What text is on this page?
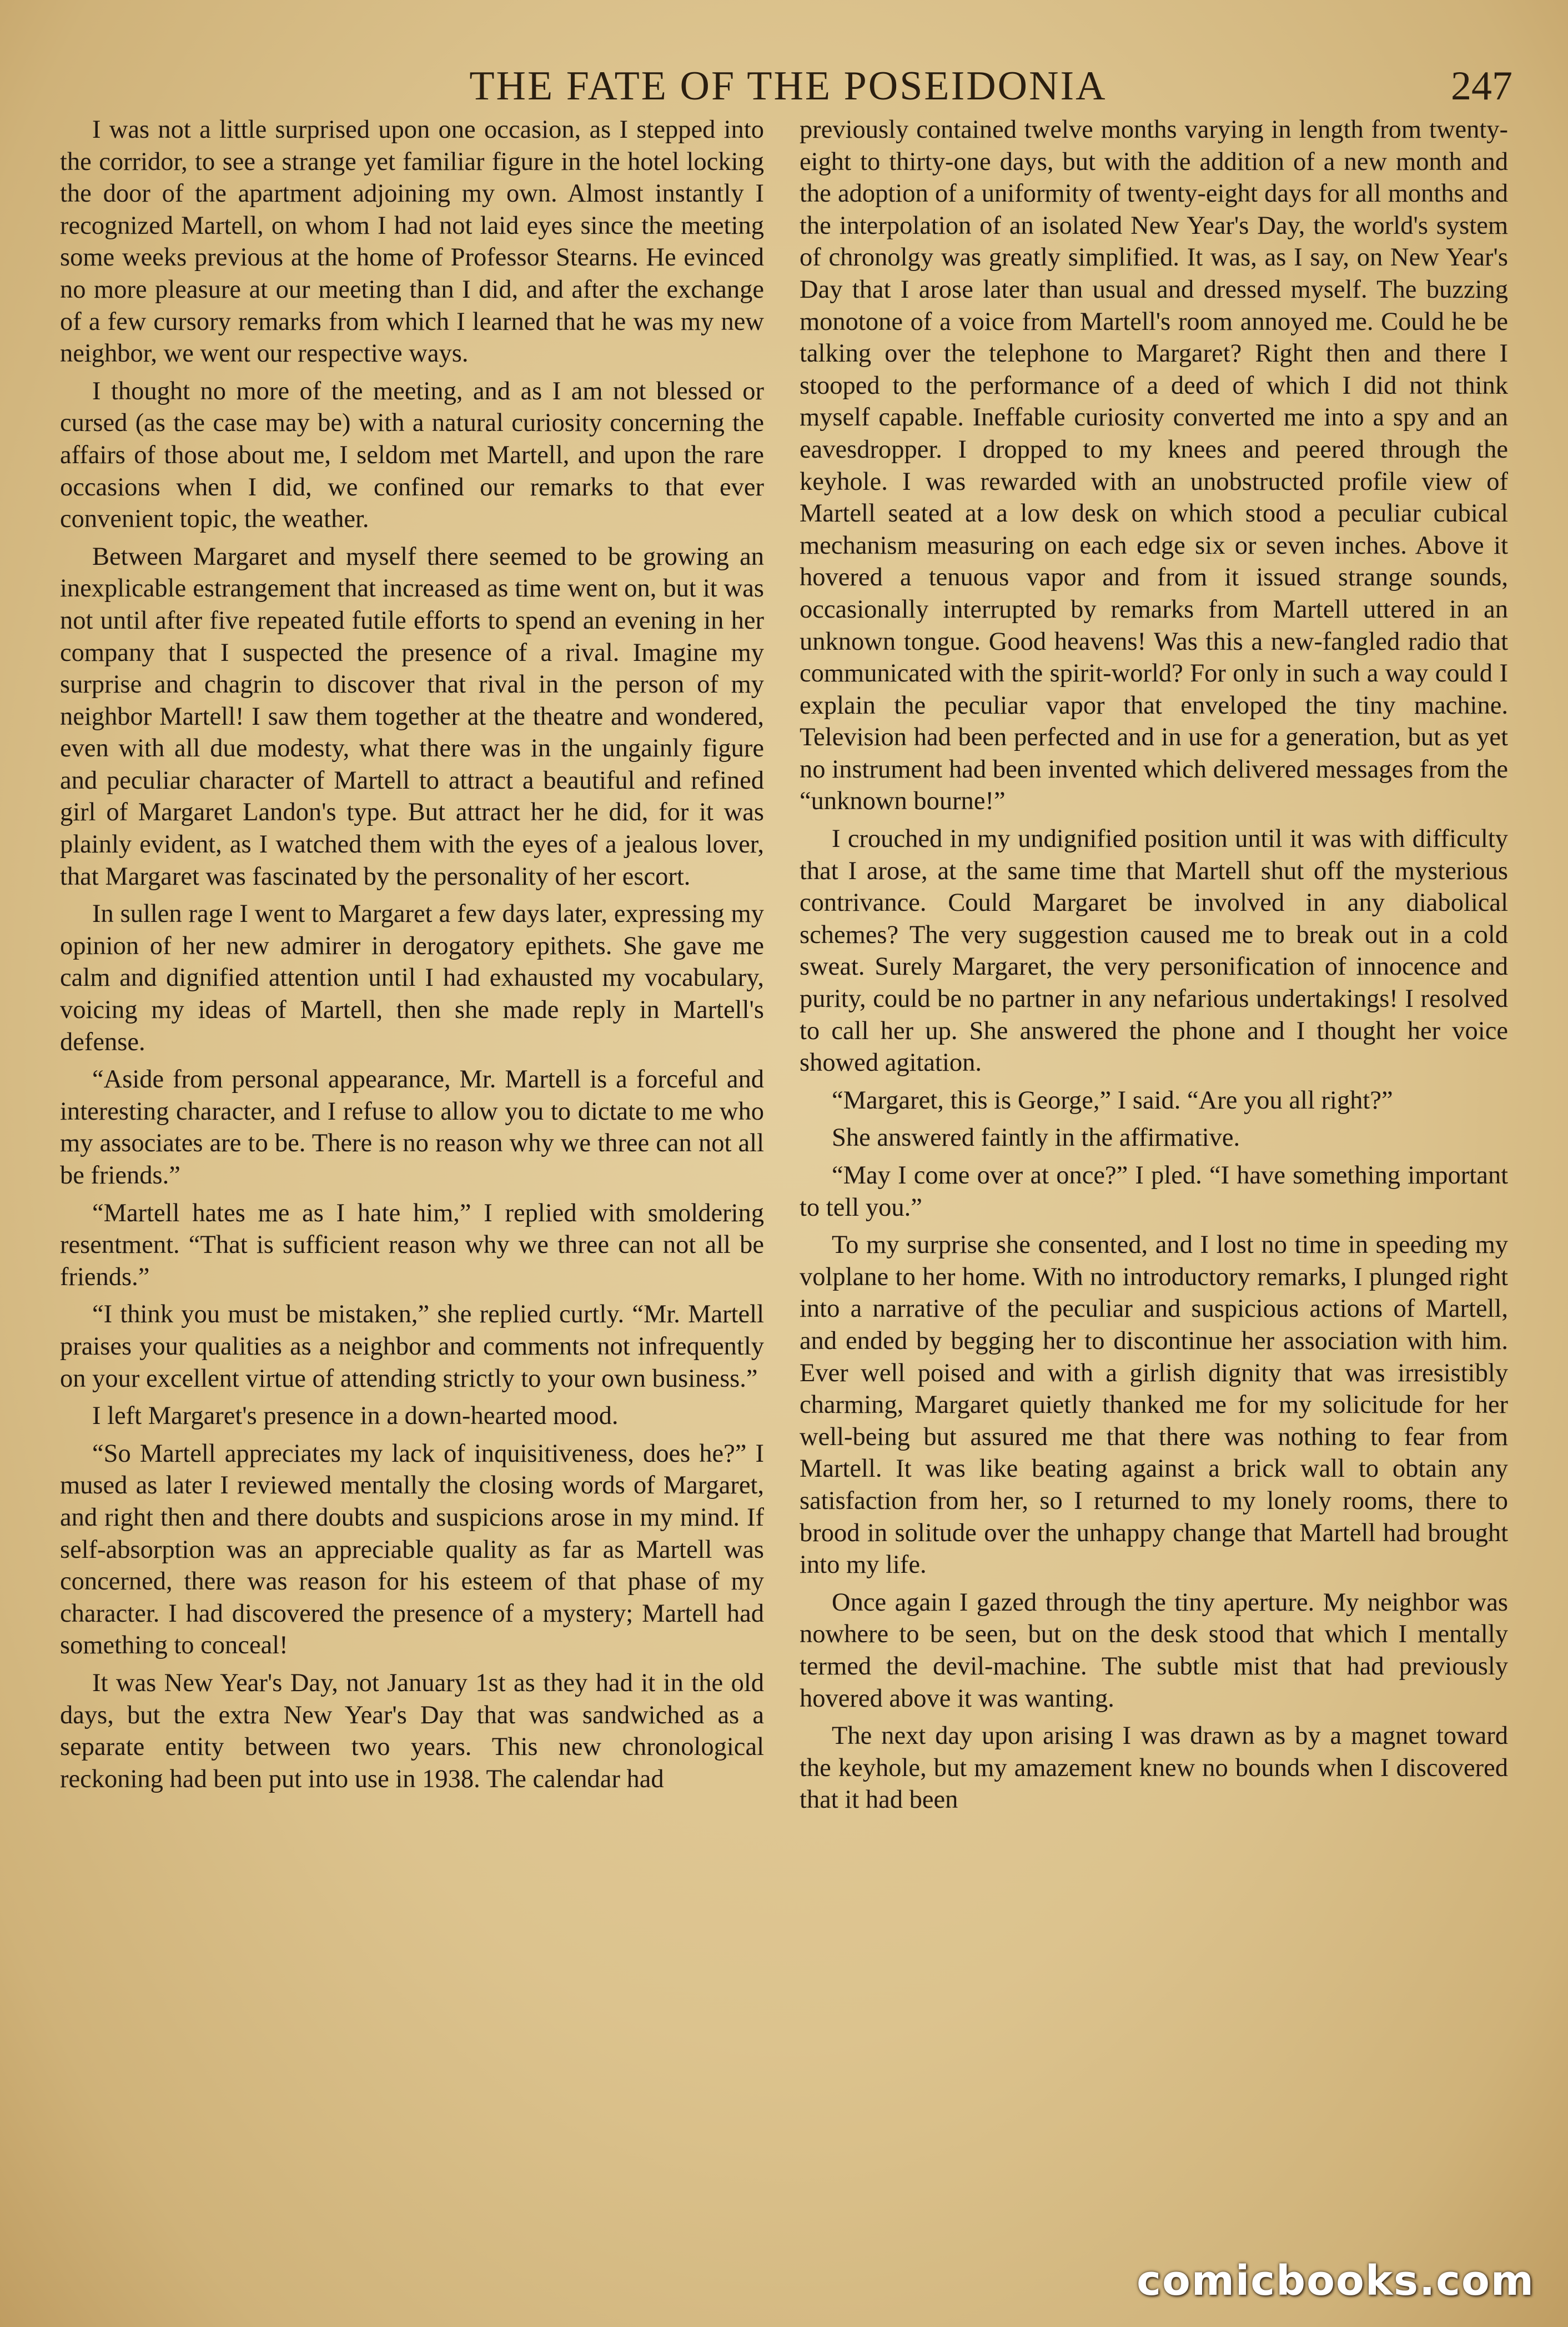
THE FATE OF THE POSEIDONIA	247

I was not a little surprised upon one occasion, as I stepped into the corridor, to see a strange yet familiar figure in the hotel locking the door of the apartment adjoining my own. Almost instantly I recognized Martell, on whom I had not laid eyes since the meeting some weeks previous at the home of Professor Stearns. He evinced no more pleasure at our meeting than I did, and after the exchange of a few cursory remarks from which I learned that he was my new neighbor, we went our respective ways.

I thought no more of the meeting, and as I am not blessed or cursed (as the case may be) with a natural curiosity concerning the affairs of those about me, I seldom met Martell, and upon the rare occasions when I did, we confined our remarks to that ever convenient topic, the weather.

Between Margaret and myself there seemed to be growing an inexplicable estrangement that increased as time went on, but it was not until after five repeated futile efforts to spend an evening in her company that I suspected the presence of a rival. Imagine my surprise and chagrin to discover that rival in the person of my neighbor Martell! I saw them together at the theatre and wondered, even with all due modesty, what there was in the ungainly figure and peculiar character of Martell to attract a beautiful and refined girl of Margaret Landon's type. But attract her he did, for it was plainly evident, as I watched them with the eyes of a jealous lover, that Margaret was fascinated by the personality of her escort.

In sullen rage I went to Margaret a few days later, expressing my opinion of her new admirer in derogatory epithets. She gave me calm and dignified attention until I had exhausted my vocabulary, voicing my ideas of Martell, then she made reply in Martell's defense.

“Aside from personal appearance, Mr. Martell is a forceful and interesting character, and I refuse to allow you to dictate to me who my associates are to be. There is no reason why we three can not all be friends.”

“Martell hates me as I hate him,” I replied with smoldering resentment. “That is sufficient reason why we three can not all be friends.”

“I think you must be mistaken,” she replied curtly. “Mr. Martell praises your qualities as a neighbor and comments not infrequently on your excellent virtue of attending strictly to your own business.”

I left Margaret's presence in a down-hearted mood.

“So Martell appreciates my lack of inquisitiveness, does he?” I mused as later I reviewed mentally the closing words of Margaret, and right then and there doubts and suspicions arose in my mind. If self-absorption was an appreciable quality as far as Martell was concerned, there was reason for his esteem of that phase of my character. I had discovered the presence of a mystery; Martell had something to conceal!

It was New Year's Day, not January 1st as they had it in the old days, but the extra New Year's Day that was sandwiched as a separate entity between two years. This new chronological reckoning had been put into use in 1938. The calendar had

previously contained twelve months varying in length from twenty-eight to thirty-one days, but with the addition of a new month and the adoption of a uniformity of twenty-eight days for all months and the interpolation of an isolated New Year's Day, the world's system of chronolgy was greatly simplified. It was, as I say, on New Year's Day that I arose later than usual and dressed myself. The buzzing monotone of a voice from Martell's room annoyed me. Could he be talking over the telephone to Margaret? Right then and there I stooped to the performance of a deed of which I did not think myself capable. Ineffable curiosity converted me into a spy and an eavesdropper. I dropped to my knees and peered through the keyhole. I was rewarded with an unobstructed profile view of Martell seated at a low desk on which stood a peculiar cubical mechanism measuring on each edge six or seven inches. Above it hovered a tenuous vapor and from it issued strange sounds, occasionally interrupted by remarks from Martell uttered in an unknown tongue. Good heavens! Was this a new-fangled radio that communicated with the spirit-world? For only in such a way could I explain the peculiar vapor that enveloped the tiny machine. Television had been perfected and in use for a generation, but as yet no instrument had been invented which delivered messages from the “unknown bourne!”

I crouched in my undignified position until it was with difficulty that I arose, at the same time that Martell shut off the mysterious contrivance. Could Margaret be involved in any diabolical schemes? The very suggestion caused me to break out in a cold sweat. Surely Margaret, the very personification of innocence and purity, could be no partner in any nefarious undertakings! I resolved to call her up. She answered the phone and I thought her voice showed agitation.

“Margaret, this is George,” I said. “Are you all right?”

She answered faintly in the affirmative.

“May I come over at once?” I pled. “I have something important to tell you.”

To my surprise she consented, and I lost no time in speeding my volplane to her home. With no introductory remarks, I plunged right into a narrative of the peculiar and suspicious actions of Martell, and ended by begging her to discontinue her association with him. Ever well poised and with a girlish dignity that was irresistibly charming, Margaret quietly thanked me for my solicitude for her well-being but assured me that there was nothing to fear from Martell. It was like beating against a brick wall to obtain any satisfaction from her, so I returned to my lonely rooms, there to brood in solitude over the unhappy change that Martell had brought into my life.

Once again I gazed through the tiny aperture. My neighbor was nowhere to be seen, but on the desk stood that which I mentally termed the devil-machine. The subtle mist that had previously hovered above it was wanting.

The next day upon arising I was drawn as by a magnet toward the keyhole, but my amazement knew no bounds when I discovered that it had been

comicbooks.com
